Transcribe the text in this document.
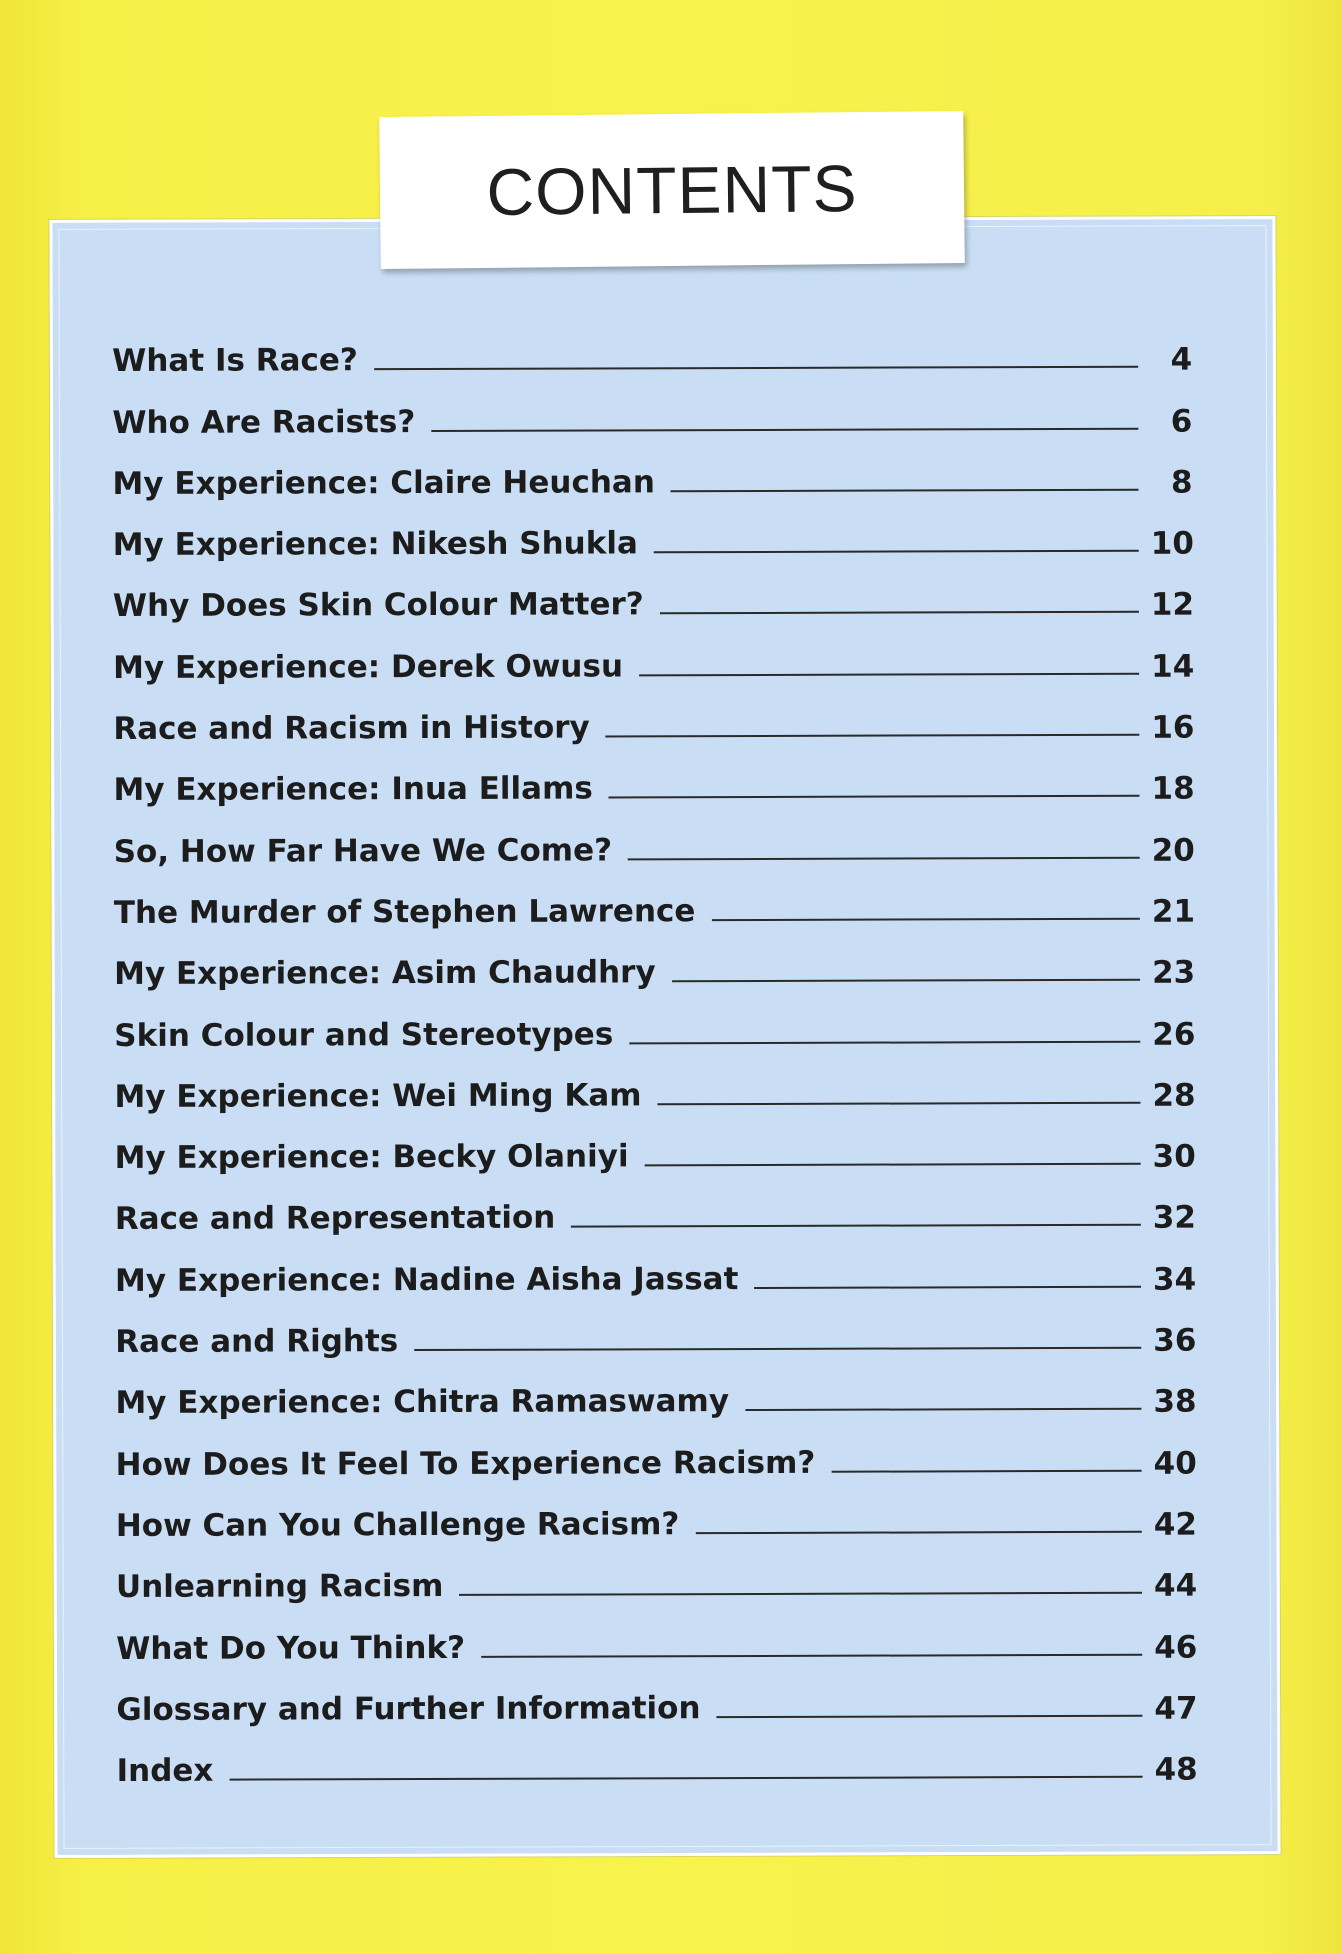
CONTENTS
What Is Race?	4
Who Are Racists?	6
My Experience: Claire Heuchan	8
My Experience: Nikesh Shukla	10
Why Does Skin Colour Matter?	12
My Experience: Derek Owusu	14
Race and Racism in History	16
My Experience: Inua Ellams	18
So, How Far Have We Come?	20
The Murder of Stephen Lawrence	21
My Experience: Asim Chaudhry	23
Skin Colour and Stereotypes	26
My Experience: Wei Ming Kam	28
My Experience: Becky Olaniyi	30
Race and Representation	32
My Experience: Nadine Aisha Jassat	34
Race and Rights	36
My Experience: Chitra Ramaswamy	38
How Does It Feel To Experience Racism?	40
How Can You Challenge Racism?	42
Unlearning Racism	44
What Do You Think?	46
Glossary and Further Information	47
Index	48
